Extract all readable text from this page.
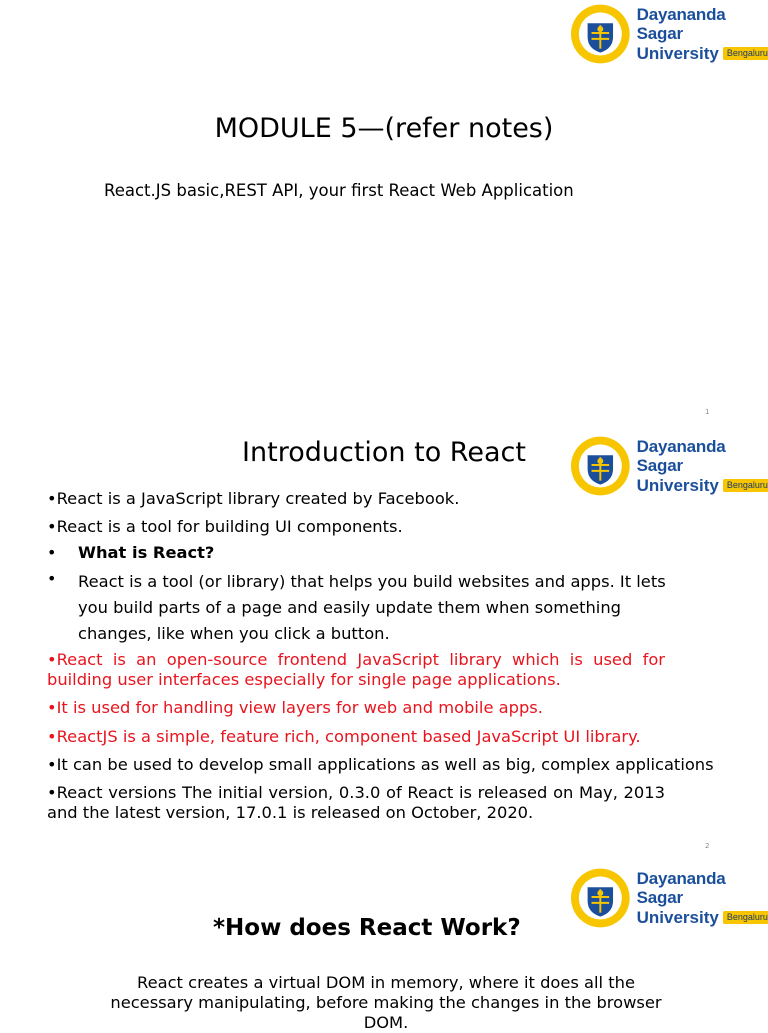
Dayananda Sagar
University Bengaluru
MODULE 5—(refer notes)
React.JS basic,REST API, your first React Web Application
1
Dayananda Sagar
University Bengaluru
Introduction to React
•React is a JavaScript library created by Facebook.
•React is a tool for building UI components.
• What is React?
• React is a tool (or library) that helps you build websites and apps. It lets you build parts of a page and easily update them when something changes, like when you click a button.
•React is an open-source frontend JavaScript library which is used for building user interfaces especially for single page applications.
•It is used for handling view layers for web and mobile apps.
•ReactJS is a simple, feature rich, component based JavaScript UI library.
•It can be used to develop small applications as well as big, complex applications
•React versions The initial version, 0.3.0 of React is released on May, 2013 and the latest version, 17.0.1 is released on October, 2020.
2
Dayananda Sagar
University Bengaluru
*How does React Work?
React creates a virtual DOM in memory, where it does all the necessary manipulating, before making the changes in the browser DOM.
